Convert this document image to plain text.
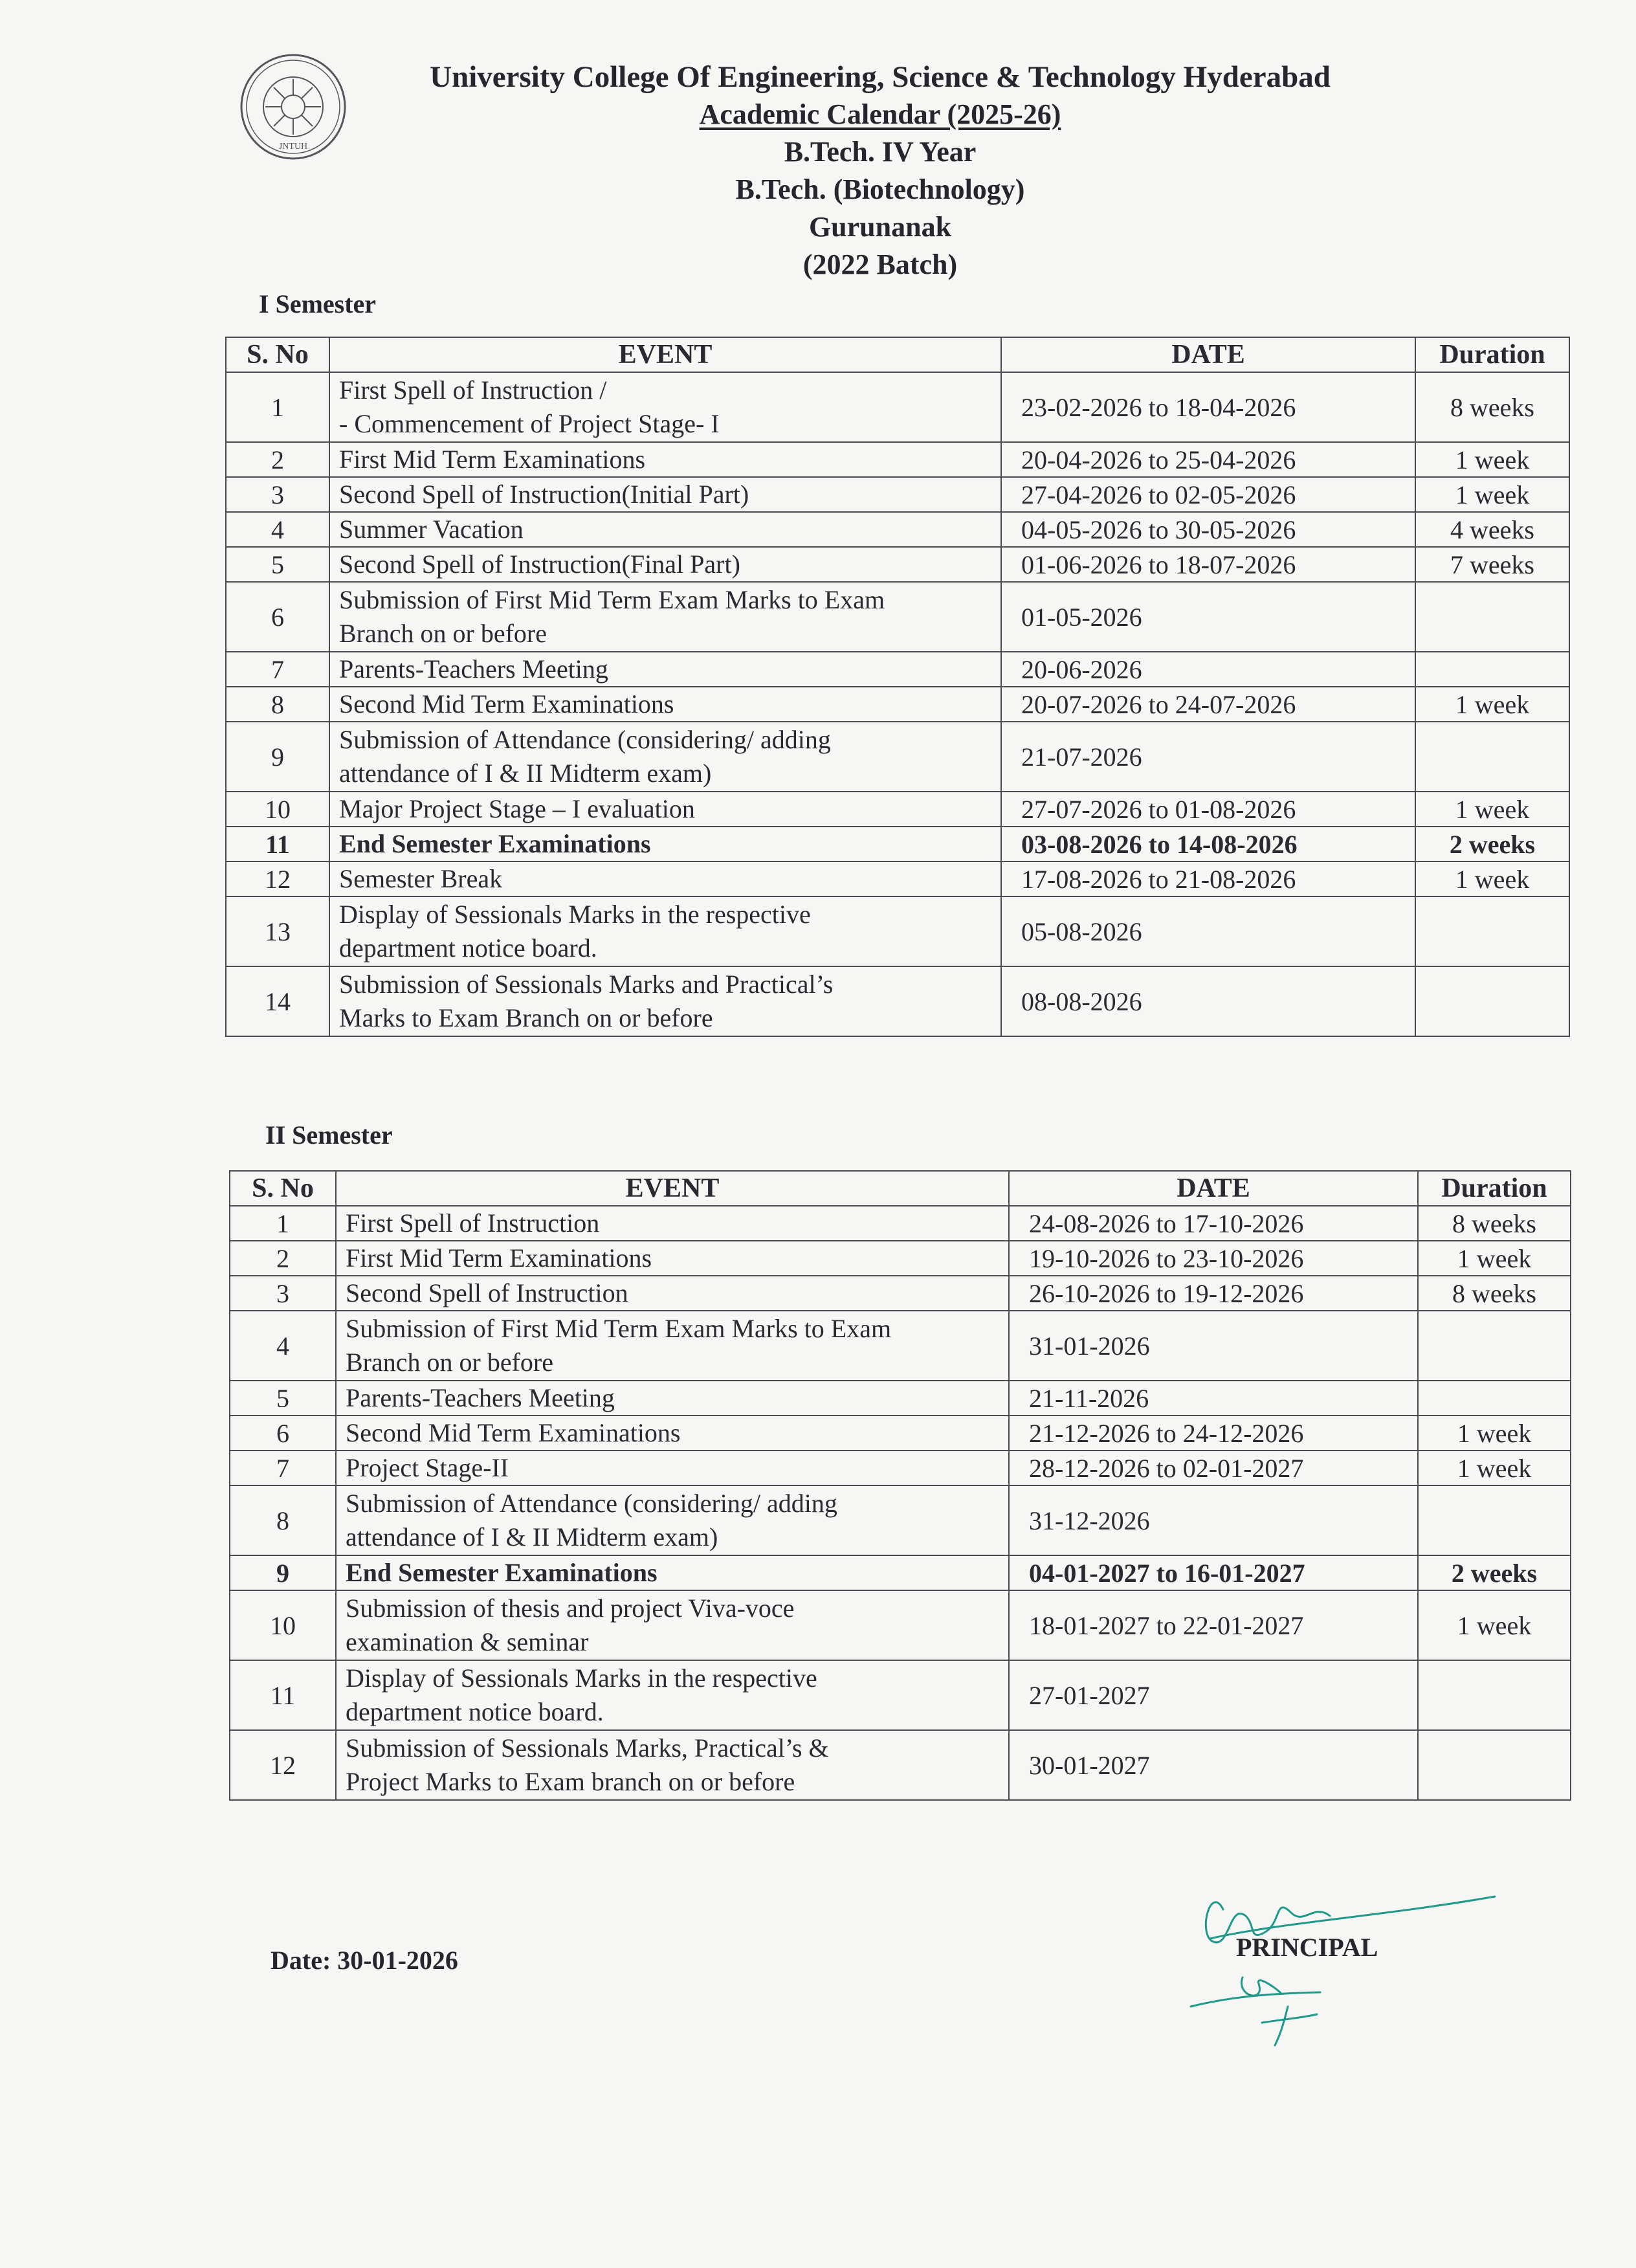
JNTUH
University College Of Engineering, Science & Technology Hyderabad
Academic Calendar (2025-26)
B.Tech. IV Year
B.Tech. (Biotechnology)
Gurunanak
(2022 Batch)
I Semester
S. No	EVENT	DATE	Duration
1	First Spell of Instruction /
- Commencement of Project Stage- I	23-02-2026 to 18-04-2026	8 weeks
2	First Mid Term Examinations	20-04-2026 to 25-04-2026	1 week
3	Second Spell of Instruction(Initial Part)	27-04-2026 to 02-05-2026	1 week
4	Summer Vacation	04-05-2026 to 30-05-2026	4 weeks
5	Second Spell of Instruction(Final Part)	01-06-2026 to 18-07-2026	7 weeks
6	Submission of First Mid Term Exam Marks to Exam
Branch on or before	01-05-2026	
7	Parents-Teachers Meeting	20-06-2026	
8	Second Mid Term Examinations	20-07-2026 to 24-07-2026	1 week
9	Submission of Attendance (considering/ adding
attendance of I & II Midterm exam)	21-07-2026	
10	Major Project Stage – I evaluation	27-07-2026 to 01-08-2026	1 week
11	End Semester Examinations	03-08-2026 to 14-08-2026	2 weeks
12	Semester Break	17-08-2026 to 21-08-2026	1 week
13	Display of Sessionals Marks in the respective
department notice board.	05-08-2026	
14	Submission of Sessionals Marks and Practical’s
Marks to Exam Branch on or before	08-08-2026	
II Semester
S. No	EVENT	DATE	Duration
1	First Spell of Instruction	24-08-2026 to 17-10-2026	8 weeks
2	First Mid Term Examinations	19-10-2026 to 23-10-2026	1 week
3	Second Spell of Instruction	26-10-2026 to 19-12-2026	8 weeks
4	Submission of First Mid Term Exam Marks to Exam
Branch on or before	31-01-2026	
5	Parents-Teachers Meeting	21-11-2026	
6	Second Mid Term Examinations	21-12-2026 to 24-12-2026	1 week
7	Project Stage-II	28-12-2026 to 02-01-2027	1 week
8	Submission of Attendance (considering/ adding
attendance of I & II Midterm exam)	31-12-2026	
9	End Semester Examinations	04-01-2027 to 16-01-2027	2 weeks
10	Submission of thesis and project Viva-voce
examination & seminar	18-01-2027 to 22-01-2027	1 week
11	Display of Sessionals Marks in the respective
department notice board.	27-01-2027	
12	Submission of Sessionals Marks, Practical’s &
Project Marks to Exam branch on or before	30-01-2027	
Date: 30-01-2026	PRINCIPAL
